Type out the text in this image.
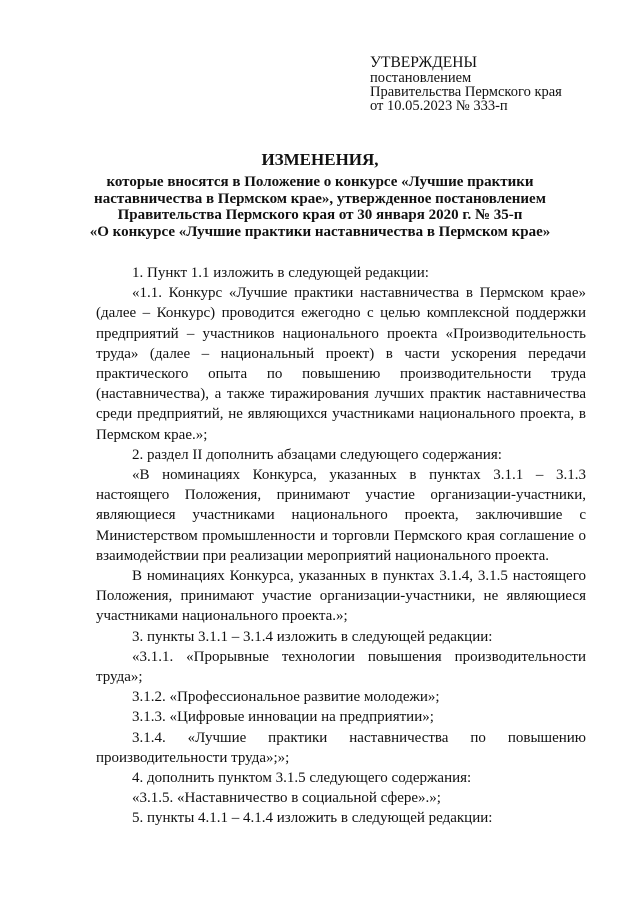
УТВЕРЖДЕНЫ
постановлением
Правительства Пермского края
от 10.05.2023 № 333-п
ИЗМЕНЕНИЯ,
которые вносятся в Положение о конкурсе «Лучшие практики
наставничества в Пермском крае», утвержденное постановлением
Правительства Пермского края от 30 января 2020 г. № 35-п
«О конкурсе «Лучшие практики наставничества в Пермском крае»

1. Пункт 1.1 изложить в следующей редакции:

«1.1. Конкурс «Лучшие практики наставничества в Пермском крае» (далее – Конкурс) проводится ежегодно с целью комплексной поддержки предприятий – участников национального проекта «Производительность труда» (далее – национальный проект) в части ускорения передачи практического опыта по повышению производительности труда (наставничества), а также тиражирования лучших практик наставничества среди предприятий, не являющихся участниками национального проекта, в Пермском крае.»;

2. раздел II дополнить абзацами следующего содержания:

«В номинациях Конкурса, указанных в пунктах 3.1.1 – 3.1.3 настоящего Положения, принимают участие организации-участники, являющиеся участниками национального проекта, заключившие с Министерством промышленности и торговли Пермского края соглашение о взаимодействии при реализации мероприятий национального проекта.

В номинациях Конкурса, указанных в пунктах 3.1.4, 3.1.5 настоящего Положения, принимают участие организации-участники, не являющиеся участниками национального проекта.»;

3. пункты 3.1.1 – 3.1.4 изложить в следующей редакции:

«3.1.1. «Прорывные технологии повышения производительности труда»;

3.1.2. «Профессиональное развитие молодежи»;

3.1.3. «Цифровые инновации на предприятии»;

3.1.4. «Лучшие практики наставничества по повышению производительности труда»;»;

4. дополнить пунктом 3.1.5 следующего содержания:

«3.1.5. «Наставничество в социальной сфере».»;

5. пункты 4.1.1 – 4.1.4 изложить в следующей редакции:
